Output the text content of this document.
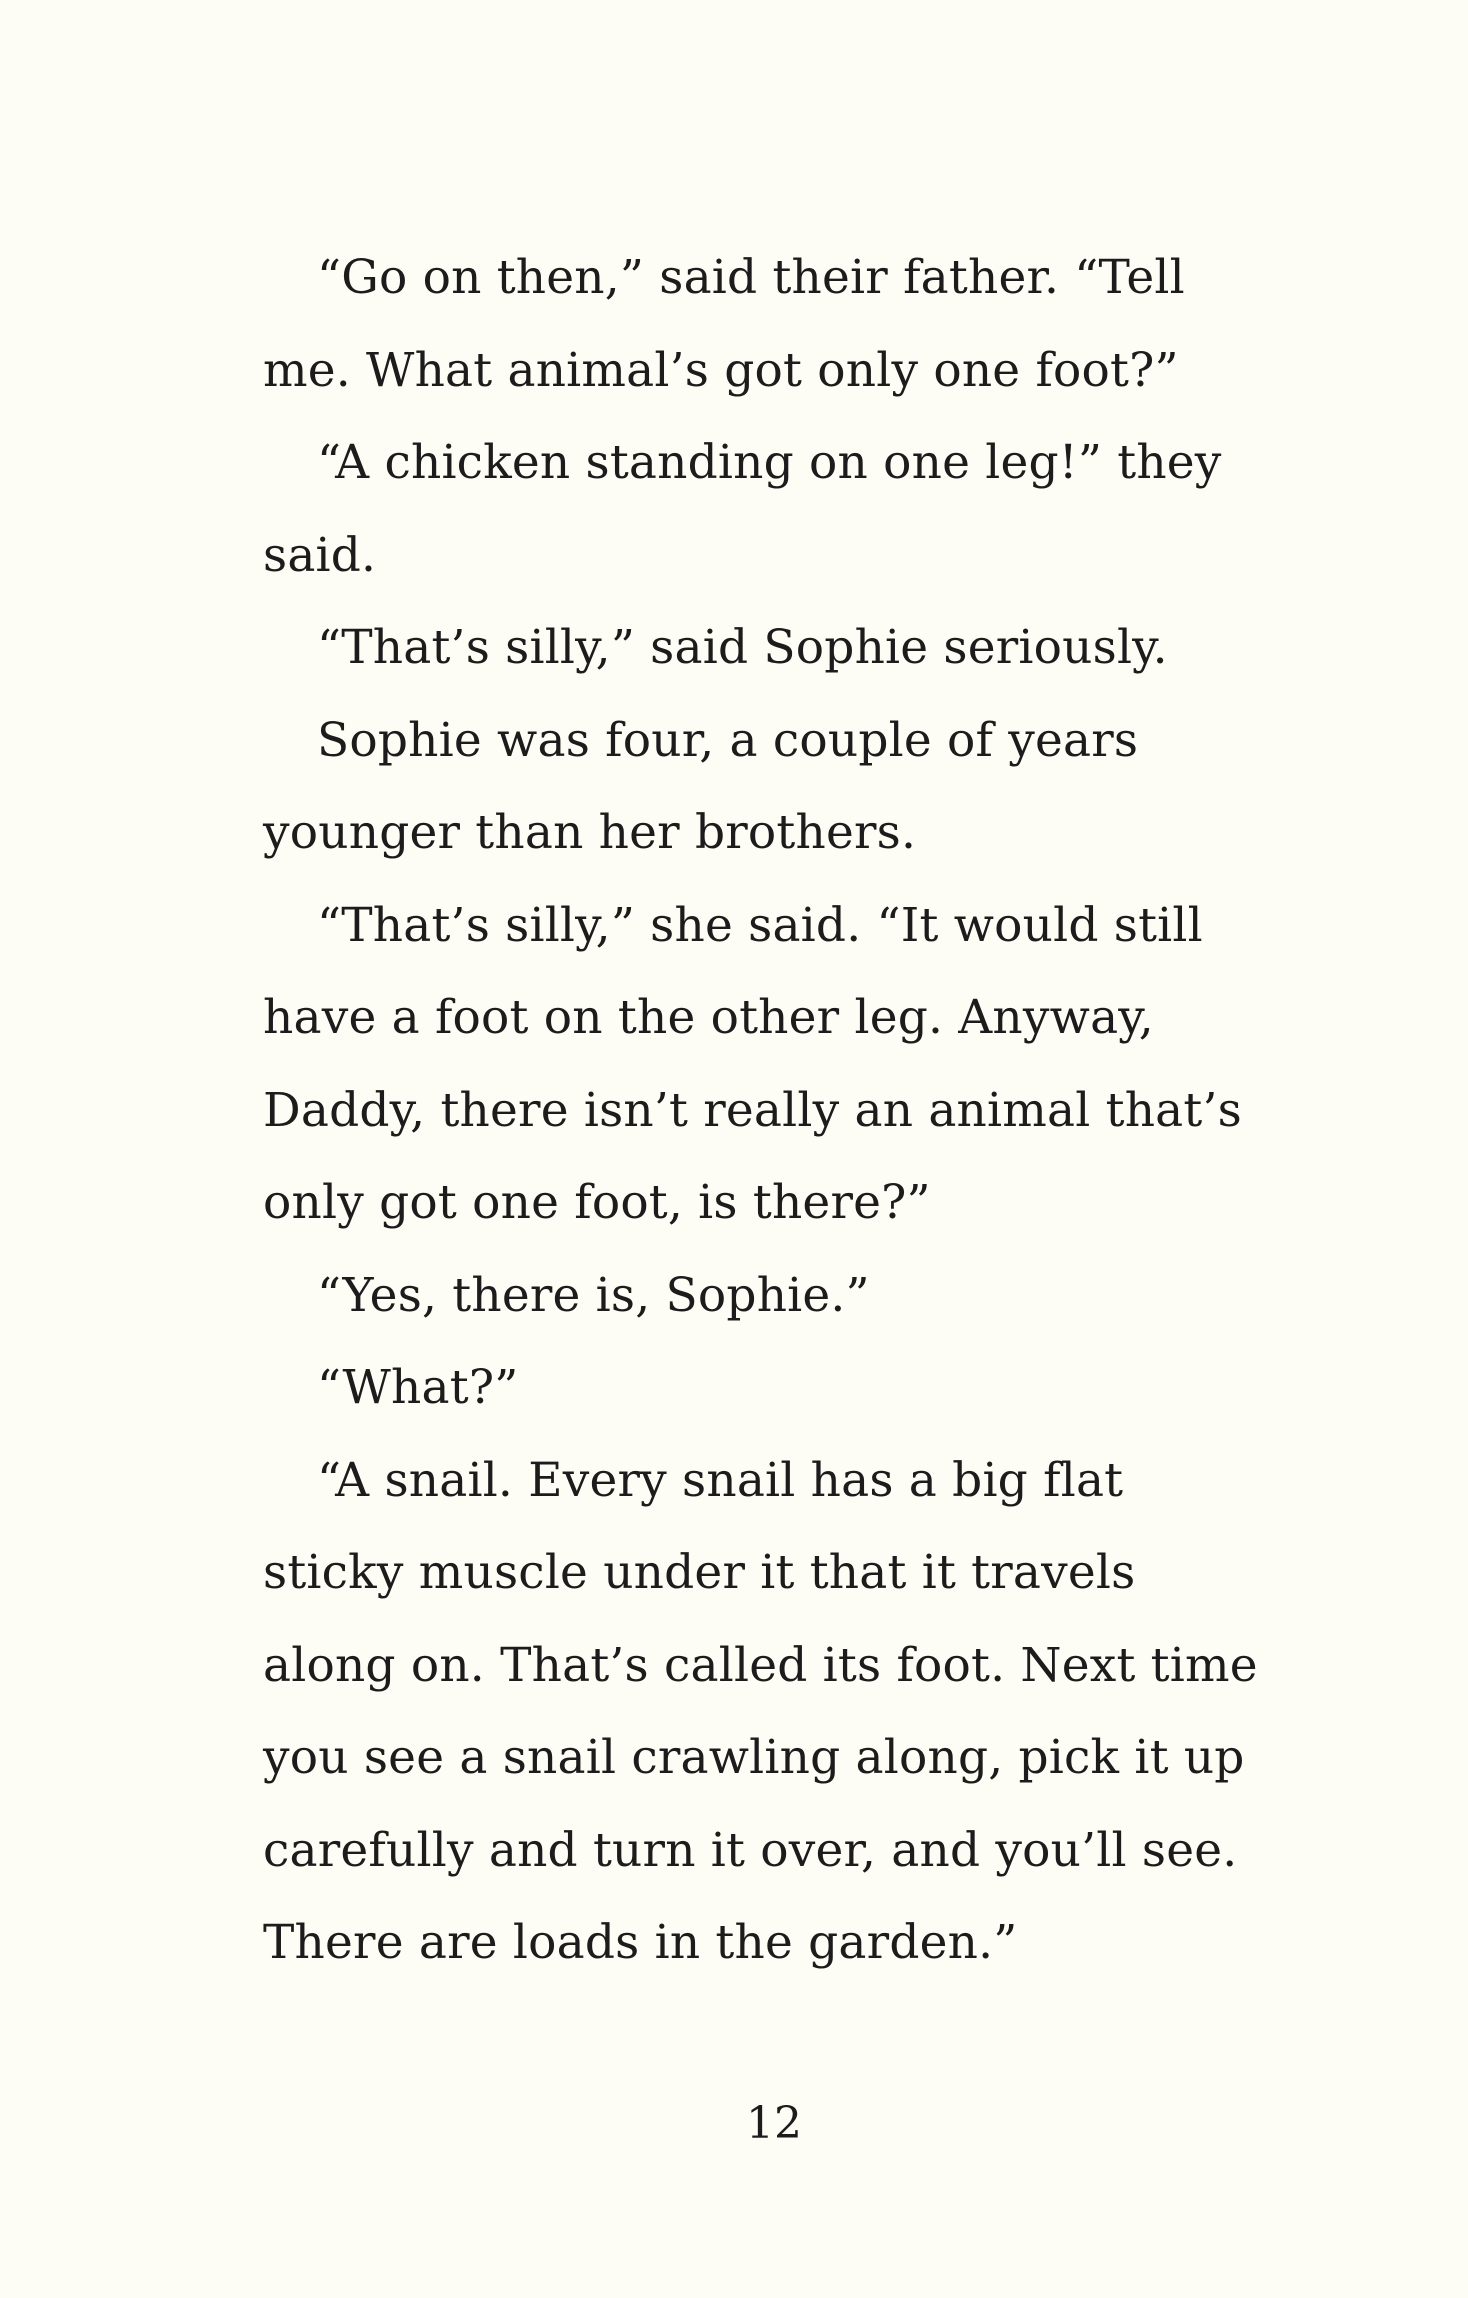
“Go on then,” said their father. “Tell
me. What animal’s got only one foot?”
“A chicken standing on one leg!” they
said.
“That’s silly,” said Sophie seriously.
Sophie was four, a couple of years
younger than her brothers.
“That’s silly,” she said. “It would still
have a foot on the other leg. Anyway,
Daddy, there isn’t really an animal that’s
only got one foot, is there?”
“Yes, there is, Sophie.”
“What?”
“A snail. Every snail has a big flat
sticky muscle under it that it travels
along on. That’s called its foot. Next time
you see a snail crawling along, pick it up
carefully and turn it over, and you’ll see.
There are loads in the garden.”
12
